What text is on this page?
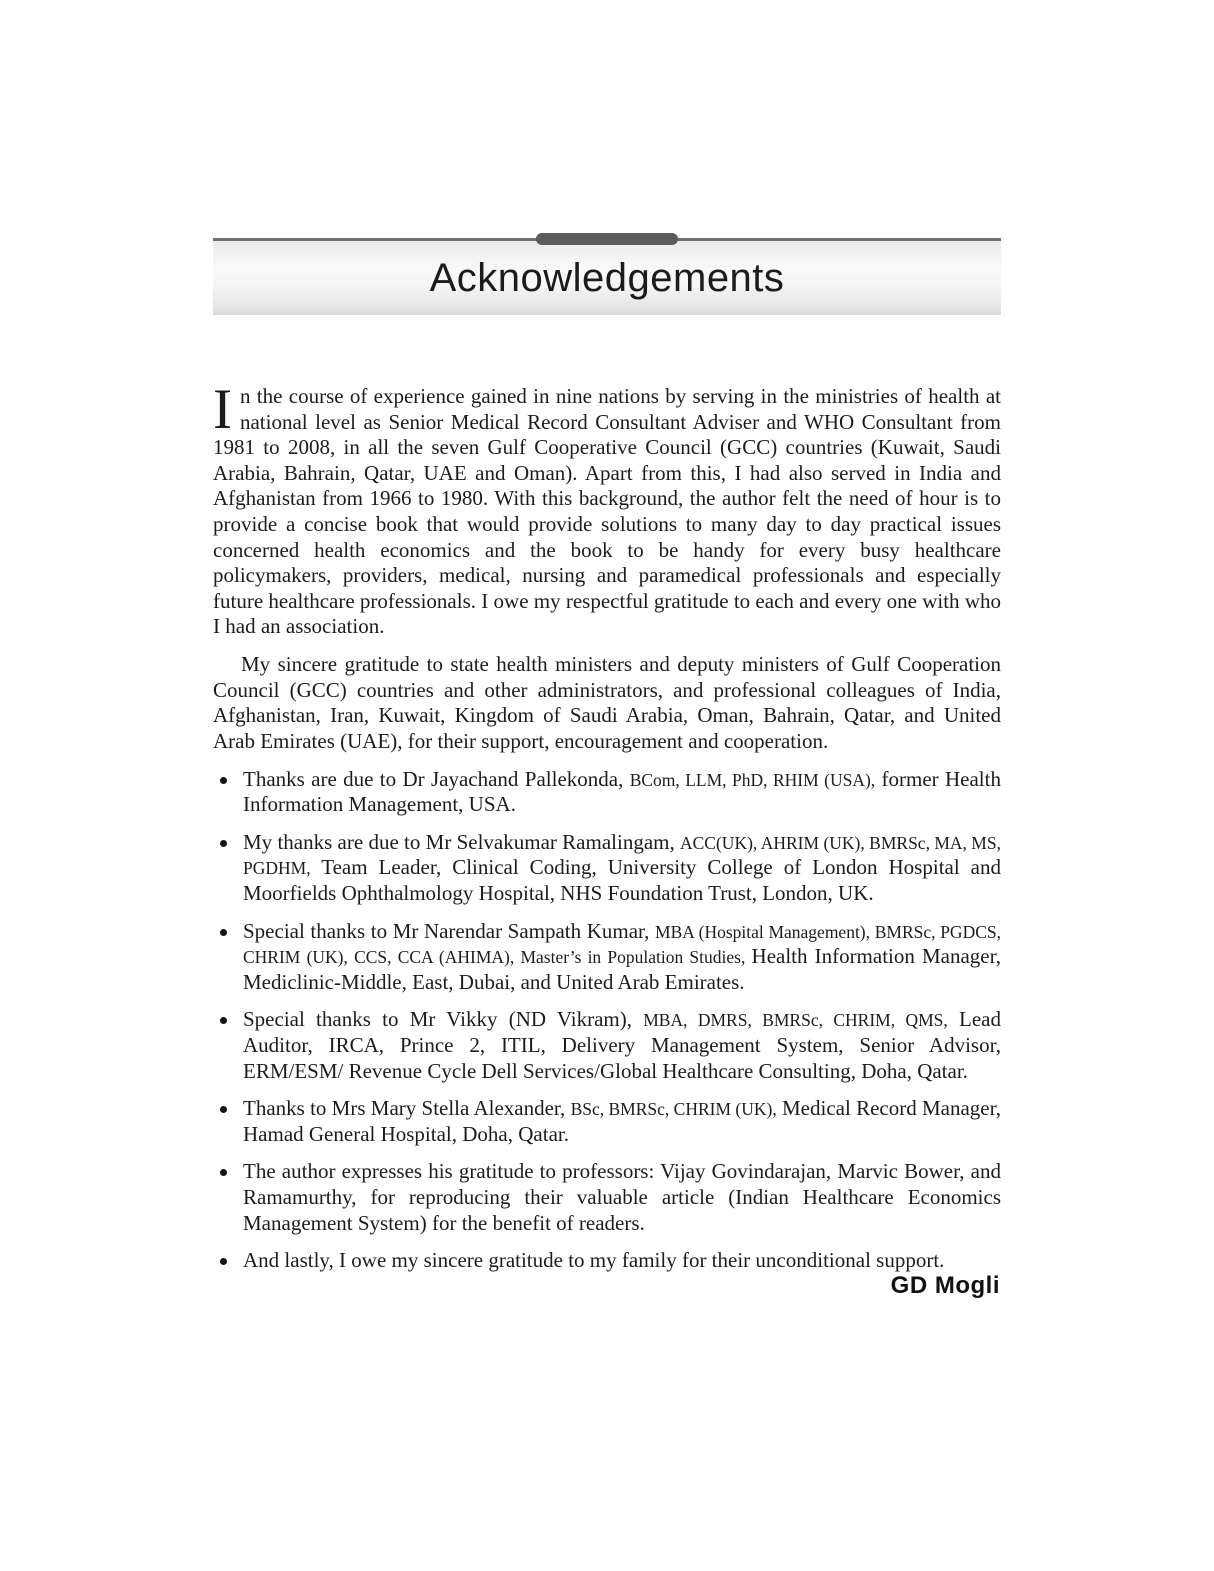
Acknowledgements

In the course of experience gained in nine nations by serving in the ministries of health at national level as Senior Medical Record Consultant Adviser and WHO Consultant from 1981 to 2008, in all the seven Gulf Cooperative Council (GCC) countries (Kuwait, Saudi Arabia, Bahrain, Qatar, UAE and Oman). Apart from this, I had also served in India and Afghanistan from 1966 to 1980. With this background, the author felt the need of hour is to provide a concise book that would provide solutions to many day to day practical issues concerned health economics and the book to be handy for every busy healthcare policymakers, providers, medical, nursing and paramedical professionals and especially future healthcare professionals. I owe my respectful gratitude to each and every one with who I had an association.

My sincere gratitude to state health ministers and deputy ministers of Gulf Cooperation Council (GCC) countries and other administrators, and professional colleagues of India, Afghanistan, Iran, Kuwait, Kingdom of Saudi Arabia, Oman, Bahrain, Qatar, and United Arab Emirates (UAE), for their support, encouragement and cooperation.

Thanks are due to Dr Jayachand Pallekonda, BCom, LLM, PhD, RHIM (USA), former Health Information Management, USA.
My thanks are due to Mr Selvakumar Ramalingam, ACC(UK), AHRIM (UK), BMRSc, MA, MS, PGDHM, Team Leader, Clinical Coding, University College of London Hospital and Moorfields Ophthalmology Hospital, NHS Foundation Trust, London, UK.
Special thanks to Mr Narendar Sampath Kumar, MBA (Hospital Management), BMRSc, PGDCS, CHRIM (UK), CCS, CCA (AHIMA), Master’s in Population Studies, Health Information Manager, Mediclinic-Middle, East, Dubai, and United Arab Emirates.
Special thanks to Mr Vikky (ND Vikram), MBA, DMRS, BMRSc, CHRIM, QMS, Lead Auditor, IRCA, Prince 2, ITIL, Delivery Management System, Senior Advisor, ERM/ESM/ Revenue Cycle Dell Services/Global Healthcare Consulting, Doha, Qatar.
Thanks to Mrs Mary Stella Alexander, BSc, BMRSc, CHRIM (UK), Medical Record Manager, Hamad General Hospital, Doha, Qatar.
The author expresses his gratitude to professors: Vijay Govindarajan, Marvic Bower, and Ramamurthy, for reproducing their valuable article (Indian Healthcare Economics Management System) for the benefit of readers.
And lastly, I owe my sincere gratitude to my family for their unconditional support.
GD Mogli
